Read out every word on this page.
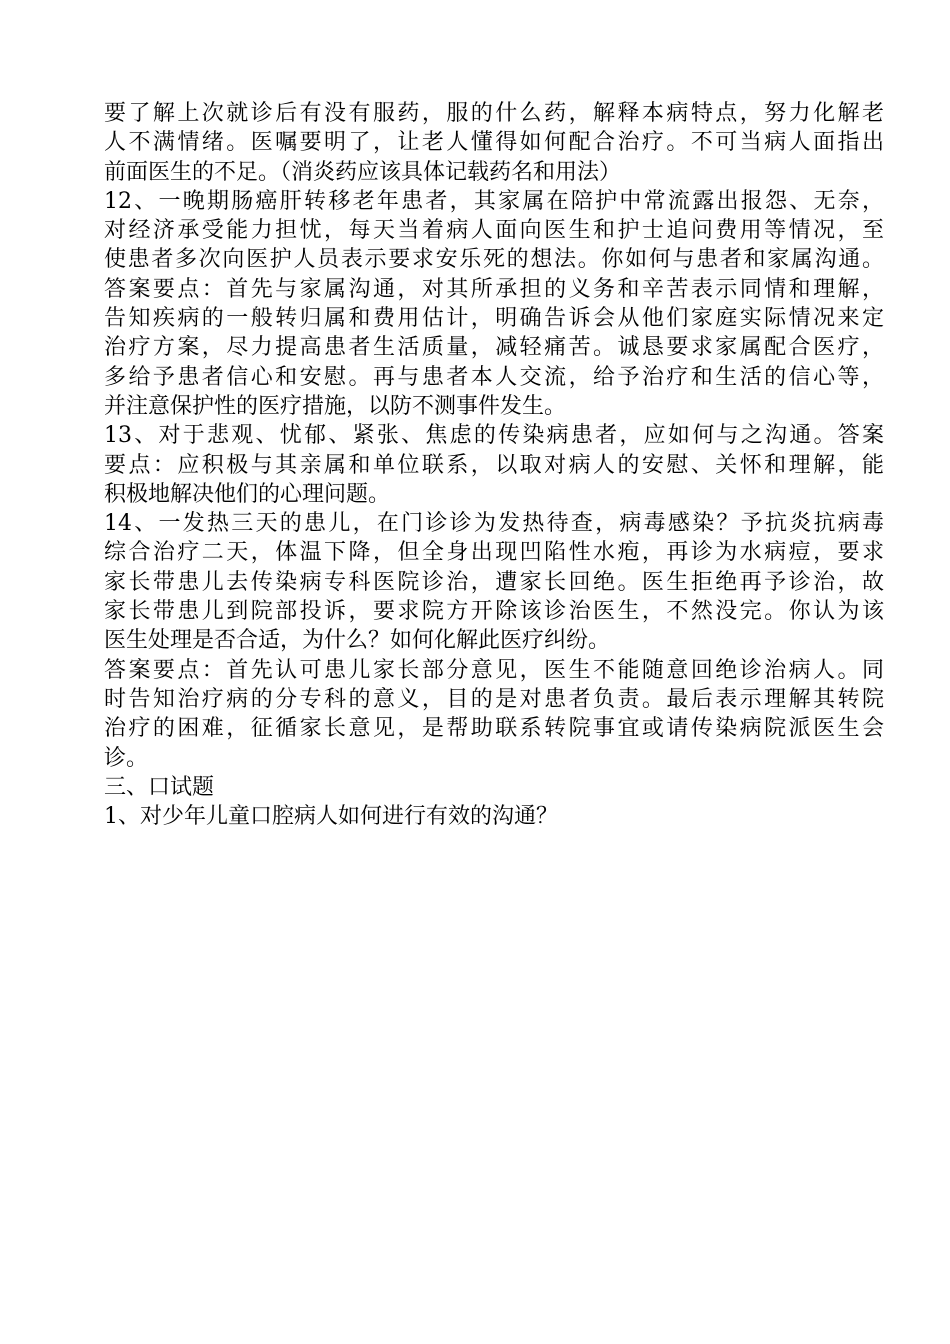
要了解上次就诊后有没有服药，服的什么药，解释本病特点，努力化解老
人不满情绪。医嘱要明了，让老人懂得如何配合治疗。不可当病人面指出
前面医生的不足。（消炎药应该具体记载药名和用法）
12、一晚期肠癌肝转移老年患者，其家属在陪护中常流露出报怨、无奈，
对经济承受能力担忧，每天当着病人面向医生和护士追问费用等情况，至
使患者多次向医护人员表示要求安乐死的想法。你如何与患者和家属沟通。
答案要点：首先与家属沟通，对其所承担的义务和辛苦表示同情和理解，
告知疾病的一般转归属和费用估计，明确告诉会从他们家庭实际情况来定
治疗方案，尽力提高患者生活质量，减轻痛苦。诚恳要求家属配合医疗，
多给予患者信心和安慰。再与患者本人交流，给予治疗和生活的信心等，
并注意保护性的医疗措施，以防不测事件发生。
13、对于悲观、忧郁、紧张、焦虑的传染病患者，应如何与之沟通。答案
要点：应积极与其亲属和单位联系，以取对病人的安慰、关怀和理解，能
积极地解决他们的心理问题。
14、一发热三天的患儿，在门诊诊为发热待查，病毒感染？予抗炎抗病毒
综合治疗二天，体温下降，但全身出现凹陷性水疱，再诊为水病痘，要求
家长带患儿去传染病专科医院诊治，遭家长回绝。医生拒绝再予诊治，故
家长带患儿到院部投诉，要求院方开除该诊治医生，不然没完。你认为该
医生处理是否合适，为什么？如何化解此医疗纠纷。
答案要点：首先认可患儿家长部分意见，医生不能随意回绝诊治病人。同
时告知治疗病的分专科的意义，目的是对患者负责。最后表示理解其转院
治疗的困难，征循家长意见，是帮助联系转院事宜或请传染病院派医生会
诊。
三、口试题
1、对少年儿童口腔病人如何进行有效的沟通？
